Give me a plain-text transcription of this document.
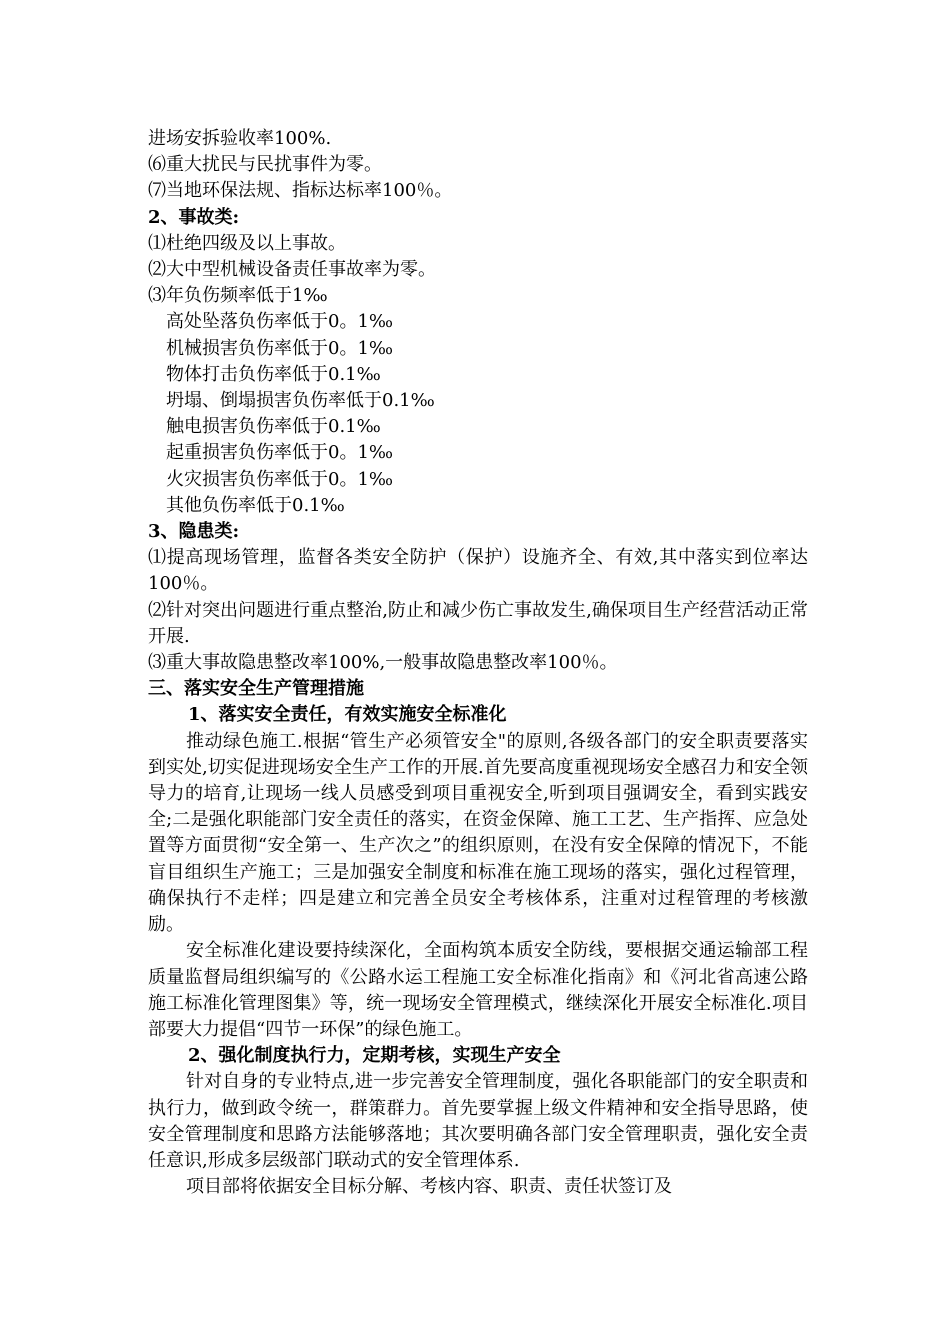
进场安拆验收率100%.
⑹重大扰民与民扰事件为零。
⑺当地环保法规、指标达标率100％。
2、事故类:
⑴杜绝四级及以上事故。
⑵大中型机械设备责任事故率为零。
⑶年负伤频率低于1‰
高处坠落负伤率低于0。1‰
机械损害负伤率低于0。1‰
物体打击负伤率低于0.1‰
坍塌、倒塌损害负伤率低于0.1‰
触电损害负伤率低于0.1‰
起重损害负伤率低于0。1‰
火灾损害负伤率低于0。1‰
其他负伤率低于0.1‰
3、隐患类:
⑴提高现场管理，监督各类安全防护（保护）设施齐全、有效,其中落实到位率达100％。
⑵针对突出问题进行重点整治,防止和减少伤亡事故发生,确保项目生产经营活动正常开展.
⑶重大事故隐患整改率100%,一般事故隐患整改率100％。
三、落实安全生产管理措施
1、落实安全责任，有效实施安全标准化
推动绿色施工.根据“管生产必须管安全"的原则,各级各部门的安全职责要落实到实处,切实促进现场安全生产工作的开展.首先要高度重视现场安全感召力和安全领导力的培育,让现场一线人员感受到项目重视安全,听到项目强调安全，看到实践安全;二是强化职能部门安全责任的落实，在资金保障、施工工艺、生产指挥、应急处置等方面贯彻“安全第一、生产次之”的组织原则，在没有安全保障的情况下，不能盲目组织生产施工；三是加强安全制度和标准在施工现场的落实，强化过程管理，确保执行不走样；四是建立和完善全员安全考核体系，注重对过程管理的考核激励。
安全标准化建设要持续深化，全面构筑本质安全防线，要根据交通运输部工程质量监督局组织编写的《公路水运工程施工安全标准化指南》和《河北省高速公路施工标准化管理图集》等，统一现场安全管理模式，继续深化开展安全标准化.项目部要大力提倡“四节一环保”的绿色施工。
2、强化制度执行力，定期考核，实现生产安全
针对自身的专业特点,进一步完善安全管理制度，强化各职能部门的安全职责和执行力，做到政令统一，群策群力。首先要掌握上级文件精神和安全指导思路，使安全管理制度和思路方法能够落地；其次要明确各部门安全管理职责，强化安全责任意识,形成多层级部门联动式的安全管理体系.
项目部将依据安全目标分解、考核内容、职责、责任状签订及
